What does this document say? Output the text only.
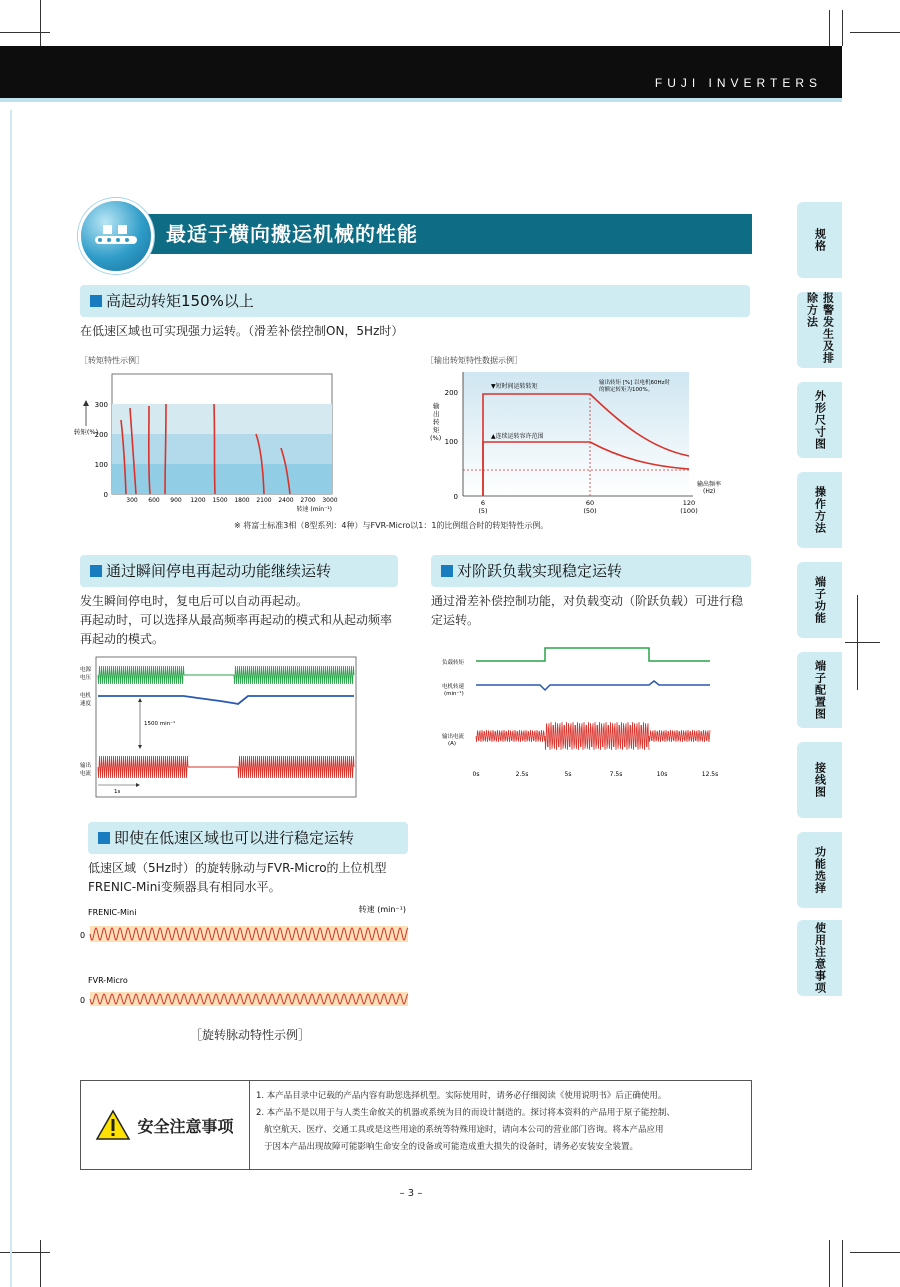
FUJI INVERTERS
最适于横向搬运机械的性能	规格
报警发生及排除方法
外形尺寸图
操作方法
端子功能
端子配置图
接线图
功能选择
使用注意事项
高起动转矩150%以上
在低速区域也可实现强力运转。（滑差补偿控制ON，5Hz时）
［转矩特性示例］	［输出转矩特性数据示例］
300
200
100
0
转矩(%)
300 600 900 1200 1500 1800 2100 2400 2700 3000
转速 (min⁻¹)
200
100
0
输出转矩(%)
▼短时间运转转矩
▲连续运转容许范围
输出转矩 [%] 以电机60Hz时的额定转矩为100%。
输出频率(Hz)
6	60	120
(5)	(50)	(100)
※ 将富士标准3相（8型系列：4种）与FVR-Micro以1：1的比例组合时的转矩特性示例。
通过瞬间停电再起动功能继续运转
发生瞬间停电时，复电后可以自动再起动。
再起动时，可以选择从最高频率再起动的模式和从起动频率
再起动的模式。
电源电压
电机速度
输出电流
1500 min⁻¹
1s
对阶跃负载实现稳定运转
通过滑差补偿控制功能，对负载变动（阶跃负载）可进行稳
定运转。
负载转矩
电机转速(min⁻¹)
输出电流(A)
0s	2.5s	5s	7.5s	10s	12.5s
即使在低速区域也可以进行稳定运转
低速区域（5Hz时）的旋转脉动与FVR-Micro的上位机型
FRENIC-Mini变频器具有相同水平。
FRENIC-Mini	转速 (min⁻¹)
0
FVR-Micro
0
［旋转脉动特性示例］
安全注意事项
1. 本产品目录中记载的产品内容有助您选择机型。实际使用时，请务必仔细阅读《使用说明书》后正确使用。
2. 本产品不是以用于与人类生命攸关的机器或系统为目的而设计制造的。探讨将本资料的产品用于原子能控制、
航空航天、医疗、交通工具或是这些用途的系统等特殊用途时，请向本公司的营业部门咨询。将本产品应用
于因本产品出现故障可能影响生命安全的设备或可能造成重大损失的设备时，请务必安装安全装置。
– 3 –
